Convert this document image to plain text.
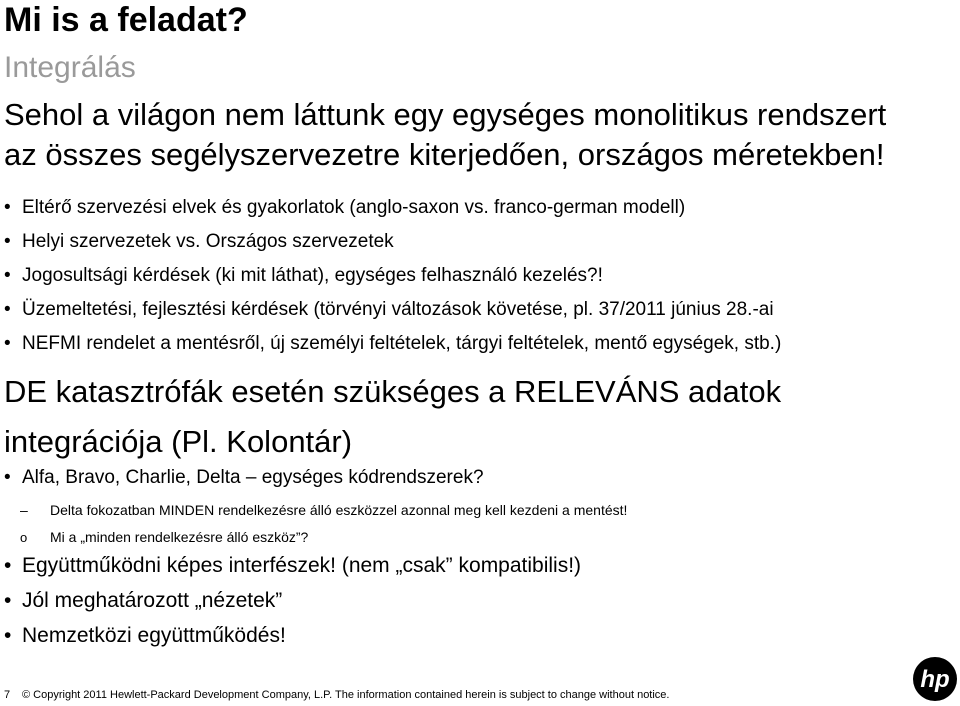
Mi is a feladat?
Integrálás
Sehol a világon nem láttunk egy egységes monolitikus rendszert
az összes segélyszervezetre kiterjedően, országos méretekben!
• Eltérő szervezési elvek és gyakorlatok (anglo-saxon vs. franco-german modell)
• Helyi szervezetek vs. Országos szervezetek
• Jogosultsági kérdések (ki mit láthat), egységes felhasználó kezelés?!
• Üzemeltetési, fejlesztési kérdések (törvényi változások követése, pl. 37/2011 június 28.-ai
• NEFMI rendelet a mentésről, új személyi feltételek, tárgyi feltételek, mentő egységek, stb.)
DE katasztrófák esetén szükséges a RELEVÁNS adatok
integrációja (Pl. Kolontár)
• Alfa, Bravo, Charlie, Delta – egységes kódrendszerek?
– Delta fokozatban MINDEN rendelkezésre álló eszközzel azonnal meg kell kezdeni a mentést!
o Mi a „minden rendelkezésre álló eszköz”?
• Együttműködni képes interfészek! (nem „csak” kompatibilis!)
• Jól meghatározott „nézetek”
• Nemzetközi együttműködés!
7 © Copyright 2011 Hewlett-Packard Development Company, L.P. The information contained herein is subject to change without notice.
hp
